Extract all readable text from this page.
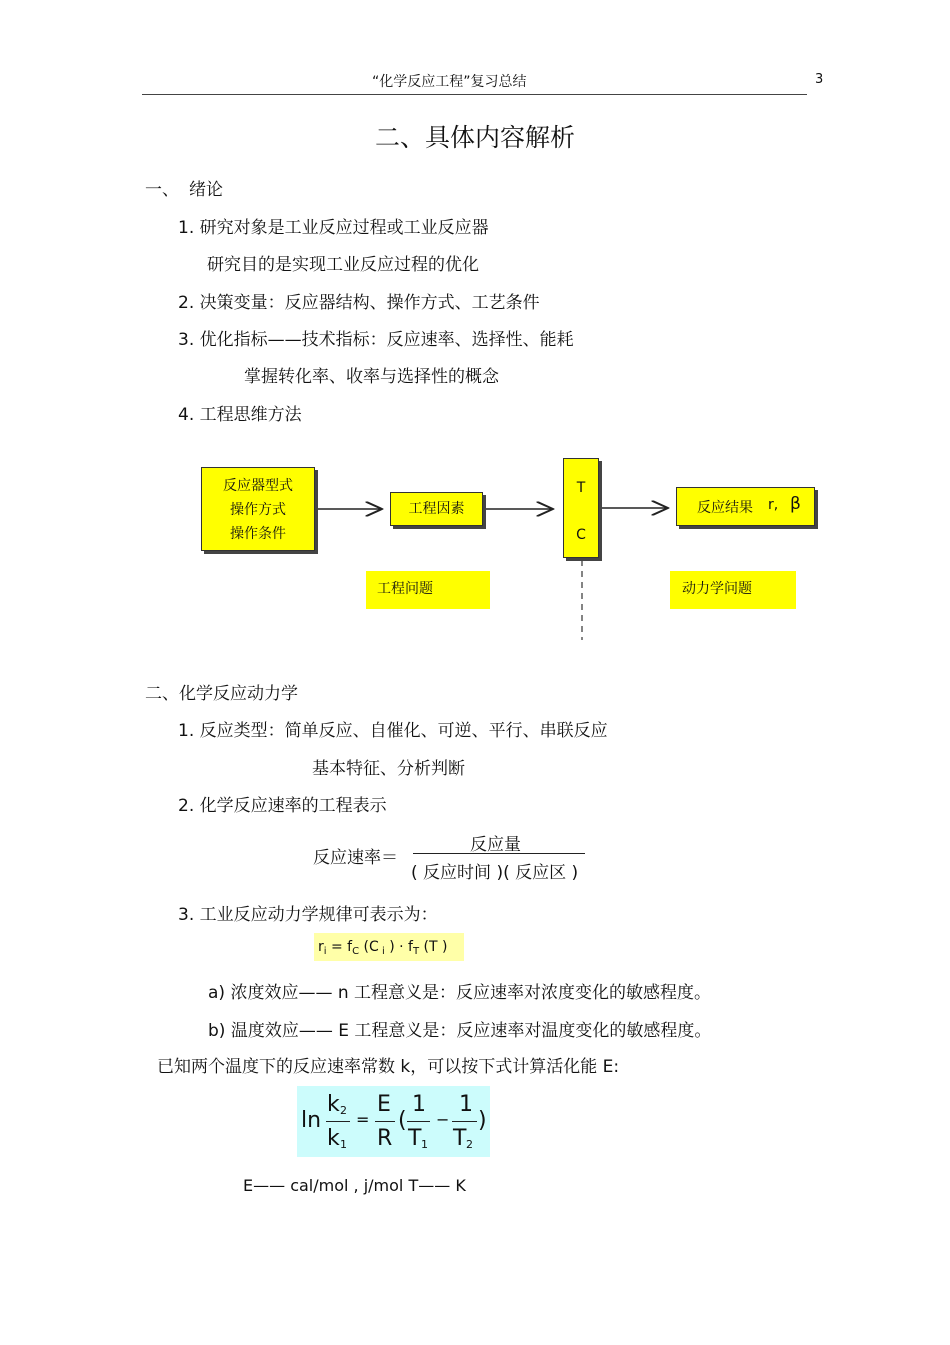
“化学反应工程”复习总结	3
二、具体内容解析
一、 绪论
1. 研究对象是工业反应过程或工业反应器
研究目的是实现工业反应过程的优化
2. 决策变量：反应器结构、操作方式、工艺条件
3. 优化指标——技术指标：反应速率、选择性、能耗
掌握转化率、收率与选择性的概念
4. 工程思维方法
反应器型式
操作方式
操作条件
工程因素
T
C
反应结果 r, β
工程问题	动力学问题
二、化学反应动力学
1. 反应类型：简单反应、自催化、可逆、平行、串联反应
基本特征、分析判断
2. 化学反应速率的工程表示
反应速率＝
反应量
( 反应时间 )( 反应区 )
3. 工业反应动力学规律可表示为：
$r_i = f_C$ (C $_i$ ) · $f_T$ (T )
a) 浓度效应—— n 工程意义是：反应速率对浓度变化的敏感程度。
b) 温度效应—— E 工程意义是：反应速率对温度变化的敏感程度。
已知两个温度下的反应速率常数 k，可以按下式计算活化能 E:
ln
k 2
k 1
=
E
R
(
1
T 1
−
1
T 2
)
E—— cal/mol , j/mol T—— K
